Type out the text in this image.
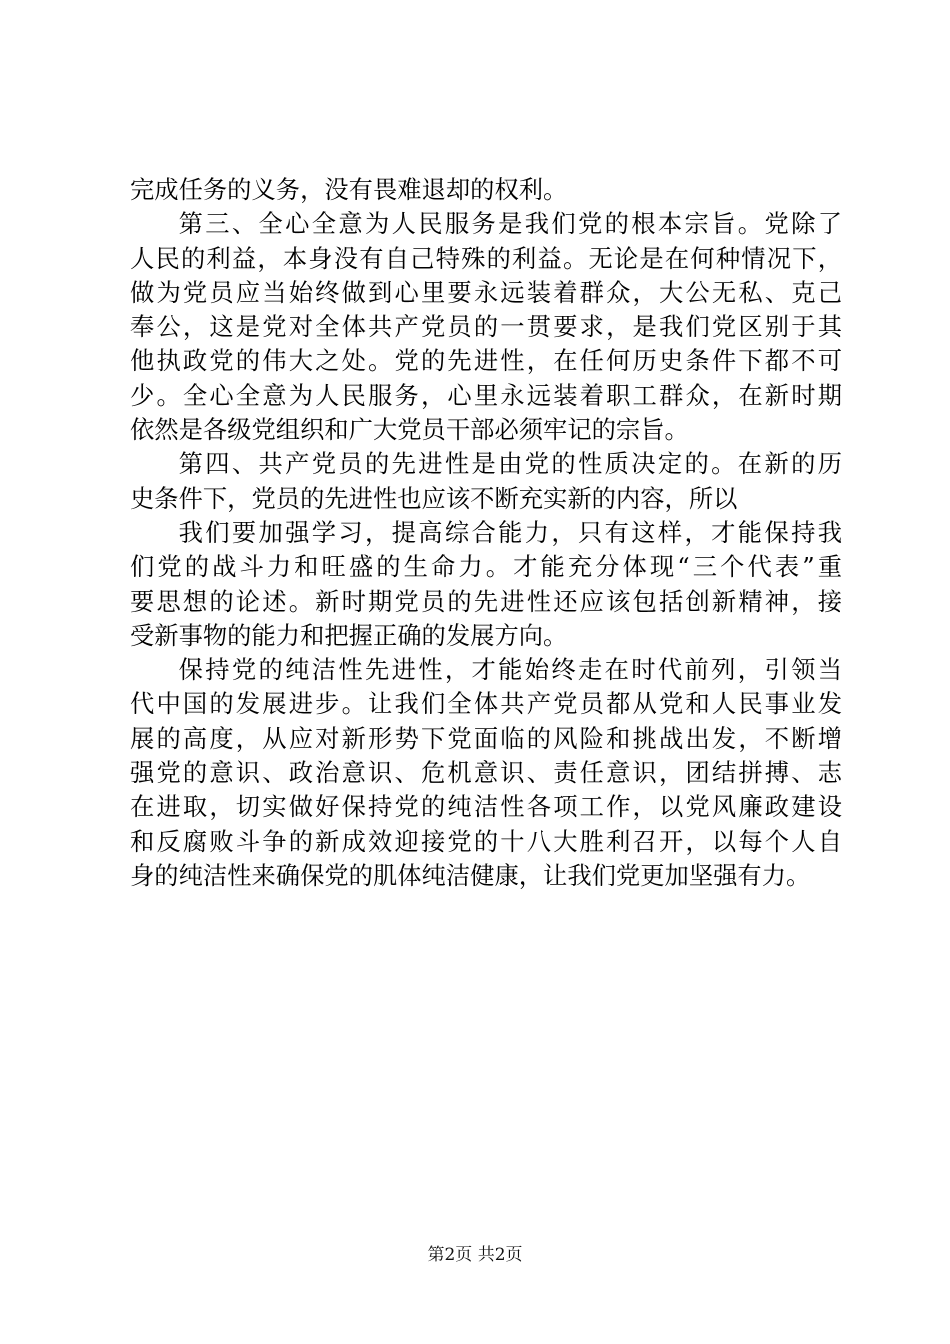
完成任务的义务，没有畏难退却的权利。
第三、全心全意为人民服务是我们党的根本宗旨。党除了
人民的利益，本身没有自己特殊的利益。无论是在何种情况下，
做为党员应当始终做到心里要永远装着群众，大公无私、克己
奉公，这是党对全体共产党员的一贯要求，是我们党区别于其
他执政党的伟大之处。党的先进性，在任何历史条件下都不可
少。全心全意为人民服务，心里永远装着职工群众，在新时期
依然是各级党组织和广大党员干部必须牢记的宗旨。
第四、共产党员的先进性是由党的性质决定的。在新的历
史条件下，党员的先进性也应该不断充实新的内容，所以
我们要加强学习，提高综合能力，只有这样，才能保持我
们党的战斗力和旺盛的生命力。才能充分体现“三个代表”重
要思想的论述。新时期党员的先进性还应该包括创新精神，接
受新事物的能力和把握正确的发展方向。
保持党的纯洁性先进性，才能始终走在时代前列，引领当
代中国的发展进步。让我们全体共产党员都从党和人民事业发
展的高度，从应对新形势下党面临的风险和挑战出发，不断增
强党的意识、政治意识、危机意识、责任意识，团结拼搏、志
在进取，切实做好保持党的纯洁性各项工作，以党风廉政建设
和反腐败斗争的新成效迎接党的十八大胜利召开，以每个人自
身的纯洁性来确保党的肌体纯洁健康，让我们党更加坚强有力。
第2页 共2页
